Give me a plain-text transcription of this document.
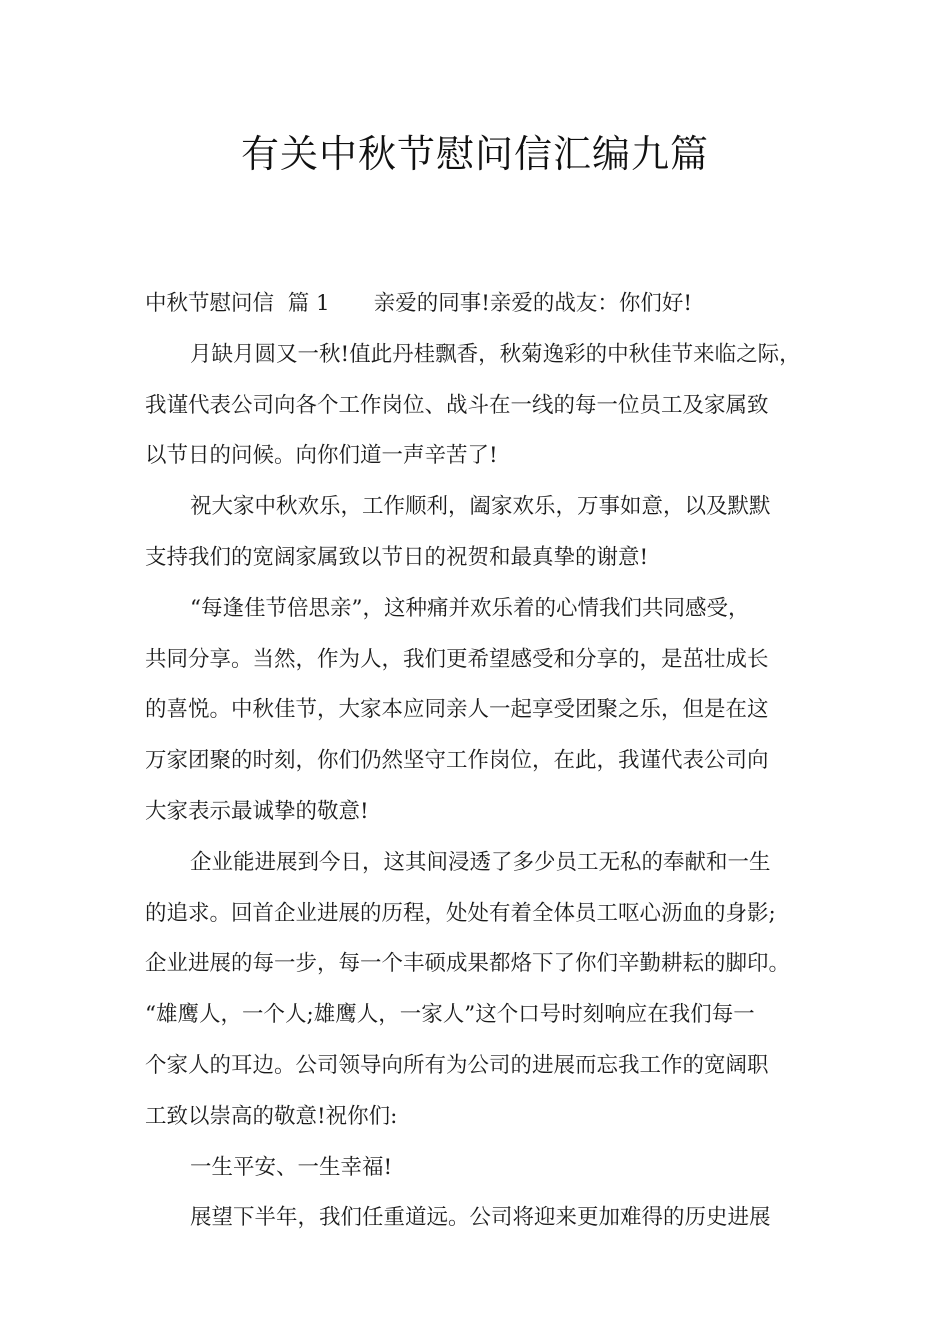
有关中秋节慰问信汇编九篇
中秋节慰问信 篇 1 亲爱的同事!亲爱的战友：你们好!
月缺月圆又一秋!值此丹桂飘香，秋菊逸彩的中秋佳节来临之际，
我谨代表公司向各个工作岗位、战斗在一线的每一位员工及家属致
以节日的问候。向你们道一声辛苦了!
祝大家中秋欢乐，工作顺利，阖家欢乐，万事如意，以及默默
支持我们的宽阔家属致以节日的祝贺和最真挚的谢意!
“每逢佳节倍思亲”，这种痛并欢乐着的心情我们共同感受，
共同分享。当然，作为人，我们更希望感受和分享的，是茁壮成长
的喜悦。中秋佳节，大家本应同亲人一起享受团聚之乐，但是在这
万家团聚的时刻，你们仍然坚守工作岗位，在此，我谨代表公司向
大家表示最诚挚的敬意!
企业能进展到今日，这其间浸透了多少员工无私的奉献和一生
的追求。回首企业进展的历程，处处有着全体员工呕心沥血的身影;
企业进展的每一步，每一个丰硕成果都烙下了你们辛勤耕耘的脚印。
“雄鹰人，一个人;雄鹰人，一家人”这个口号时刻响应在我们每一
个家人的耳边。公司领导向所有为公司的进展而忘我工作的宽阔职
工致以崇高的敬意!祝你们:
一生平安、一生幸福!
展望下半年，我们任重道远。公司将迎来更加难得的历史进展
